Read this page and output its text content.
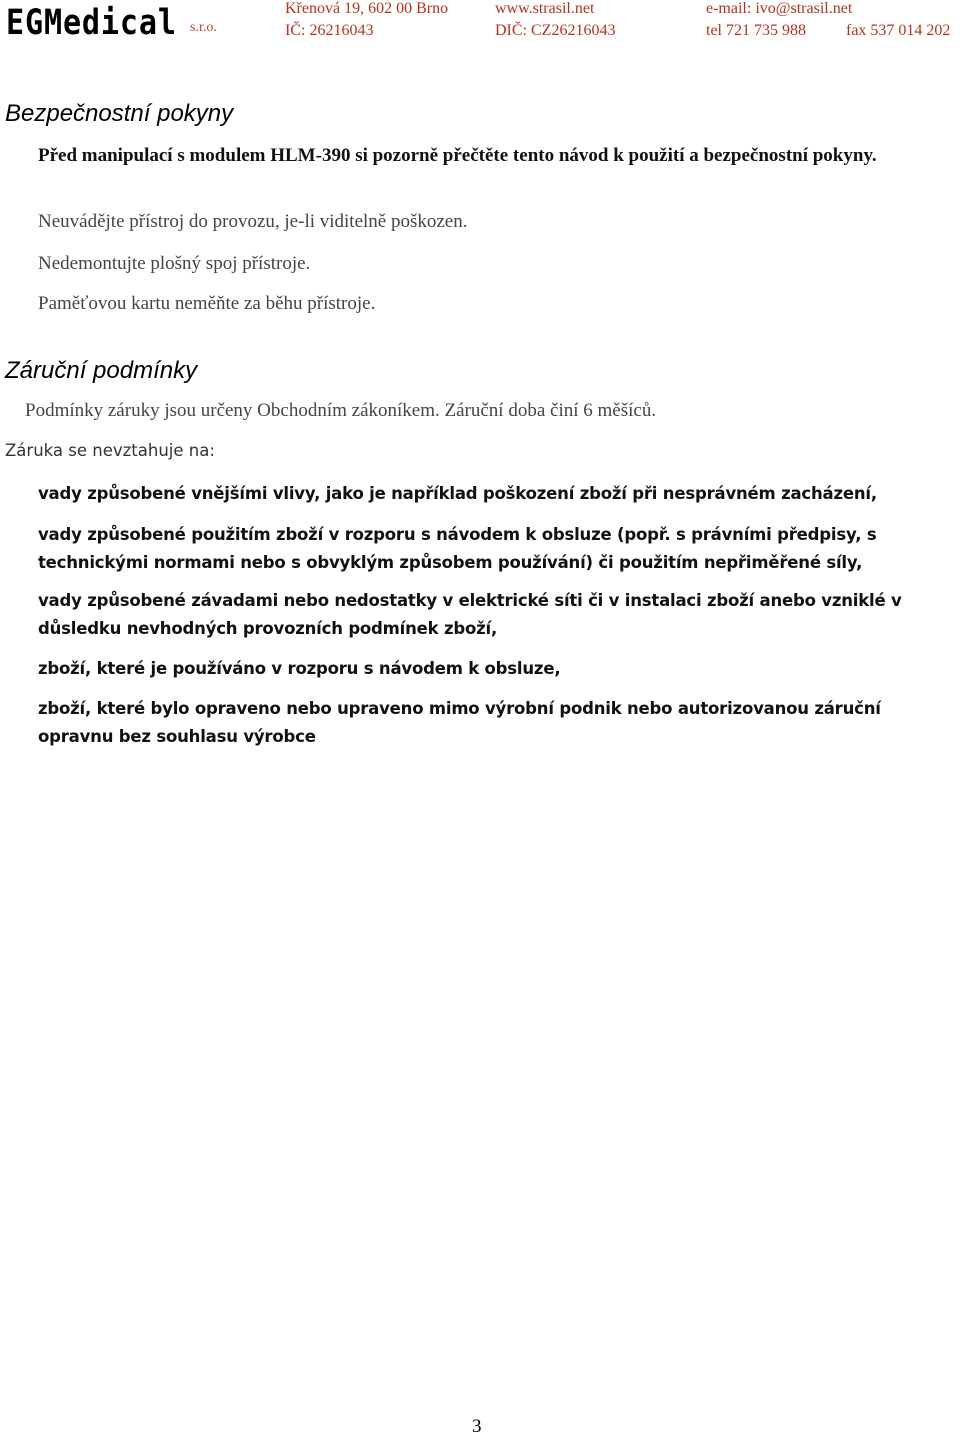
EGMedical s.r.o.
Křenová 19, 602 00 Brno	www.strasil.net	e-mail: ivo@strasil.net
IČ: 26216043	DIČ: CZ26216043	tel 721 735 988	fax 537 014 202
Bezpečnostní pokyny
Před manipulací s modulem HLM-390 si pozorně přečtěte tento návod k použití a bezpečnostní pokyny.
Neuvádějte přístroj do provozu, je-li viditelně poškozen.
Nedemontujte plošný spoj přístroje.
Paměťovou kartu neměňte za běhu přístroje.
Záruční podmínky
Podmínky záruky jsou určeny Obchodním zákoníkem. Záruční doba činí 6 měšíců.
Záruka se nevztahuje na:
vady způsobené vnějšími vlivy, jako je například poškození zboží při nesprávném zacházení,
vady způsobené použitím zboží v rozporu s návodem k obsluze (popř. s právními předpisy, s technickými normami nebo s obvyklým způsobem používání) či použitím nepřiměřené síly,
vady způsobené závadami nebo nedostatky v elektrické síti či v instalaci zboží anebo vzniklé v důsledku nevhodných provozních podmínek zboží,
zboží, které je používáno v rozporu s návodem k obsluze,
zboží, které bylo opraveno nebo upraveno mimo výrobní podnik nebo autorizovanou záruční opravnu bez souhlasu výrobce
3
